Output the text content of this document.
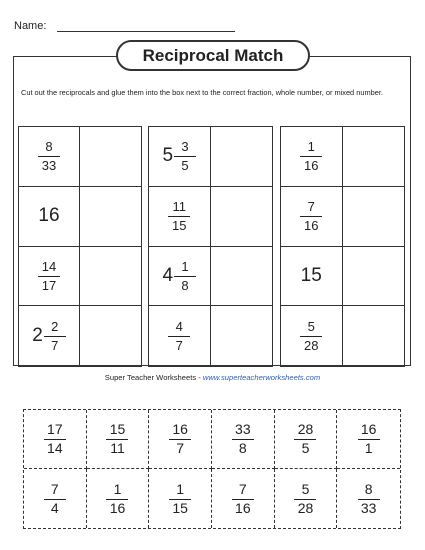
Name:
Reciprocal Match
Cut out the reciprocals and glue them into the box next to the correct fraction, whole number, or mixed number.
$\frac{8}{33}$
16
$\frac{14}{17}$
$2 \frac{2}{7}$
$5 \frac{3}{5}$
$\frac{11}{15}$
$4 \frac{1}{8}$
$\frac{4}{7}$
$\frac{1}{16}$
$\frac{7}{16}$
15
$\frac{5}{28}$
Super Teacher Worksheets - www.superteacherworksheets.com
$\frac{17}{14}$	$\frac{15}{11}$	$\frac{16}{7}$	$\frac{33}{8}$	$\frac{28}{5}$	$\frac{16}{1}$
$\frac{7}{4}$	$\frac{1}{16}$	$\frac{1}{15}$	$\frac{7}{16}$	$\frac{5}{28}$	$\frac{8}{33}$
